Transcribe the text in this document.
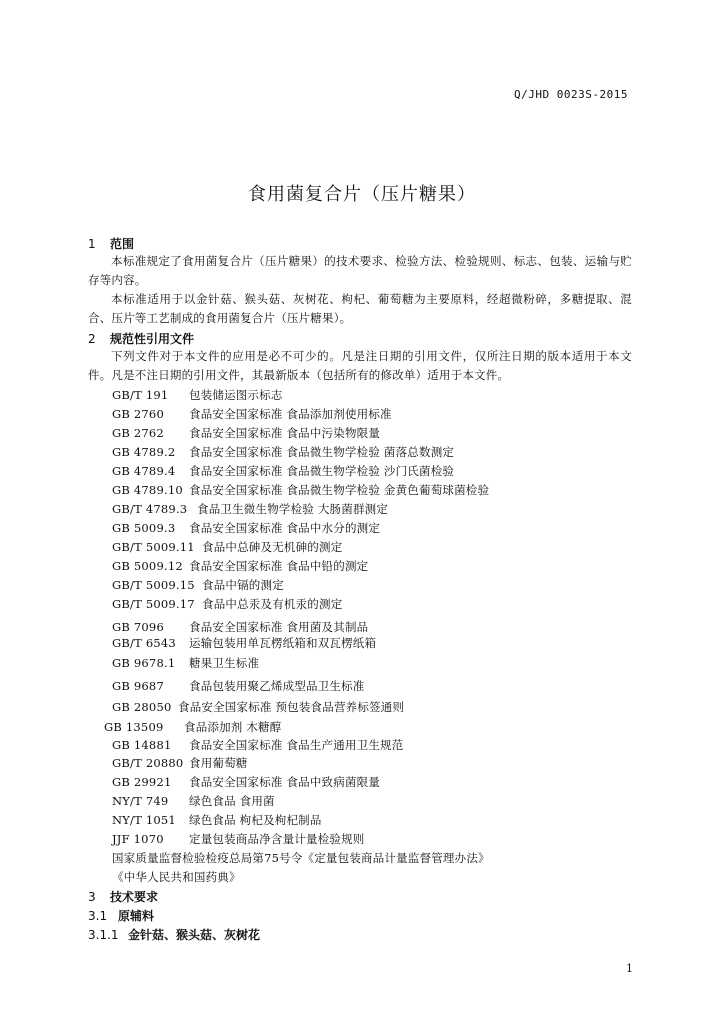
Q/JHD 0023S-2015
食用菌复合片（压片糖果）
1 范围
本标准规定了食用菌复合片（压片糖果）的技术要求、检验方法、检验规则、标志、包装、运输与贮存等内容。
本标准适用于以金针菇、猴头菇、灰树花、枸杞、葡萄糖为主要原料，经超微粉碎，多糖提取、混合、压片等工艺制成的食用菌复合片（压片糖果）。
2 规范性引用文件
下列文件对于本文件的应用是必不可少的。凡是注日期的引用文件，仅所注日期的版本适用于本文件。凡是不注日期的引用文件，其最新版本（包括所有的修改单）适用于本文件。
GB/T 191 包装储运图示标志
GB 2760 食品安全国家标准 食品添加剂使用标准
GB 2762 食品安全国家标准 食品中污染物限量
GB 4789.2 食品安全国家标准 食品微生物学检验 菌落总数测定
GB 4789.4 食品安全国家标准 食品微生物学检验 沙门氏菌检验
GB 4789.10 食品安全国家标准 食品微生物学检验 金黄色葡萄球菌检验
GB/T 4789.3 食品卫生微生物学检验 大肠菌群测定
GB 5009.3 食品安全国家标准 食品中水分的测定
GB/T 5009.11 食品中总砷及无机砷的测定
GB 5009.12 食品安全国家标准 食品中铅的测定
GB/T 5009.15 食品中镉的测定
GB/T 5009.17 食品中总汞及有机汞的测定
GB 7096 食品安全国家标准 食用菌及其制品
GB/T 6543 运输包装用单瓦楞纸箱和双瓦楞纸箱
GB 9678.1 糖果卫生标准
GB 9687 食品包装用聚乙烯成型品卫生标准
GB 28050 食品安全国家标准 预包装食品营养标签通则
GB 13509 食品添加剂 木糖醇
GB 14881 食品安全国家标准 食品生产通用卫生规范
GB/T 20880 食用葡萄糖
GB 29921 食品安全国家标准 食品中致病菌限量
NY/T 749 绿色食品 食用菌
NY/T 1051 绿色食品 枸杞及枸杞制品
JJF 1070 定量包装商品净含量计量检验规则
国家质量监督检验检疫总局第75号令《定量包装商品计量监督管理办法》
《中华人民共和国药典》
3 技术要求
3.1 原辅料
3.1.1 金针菇、猴头菇、灰树花
1
